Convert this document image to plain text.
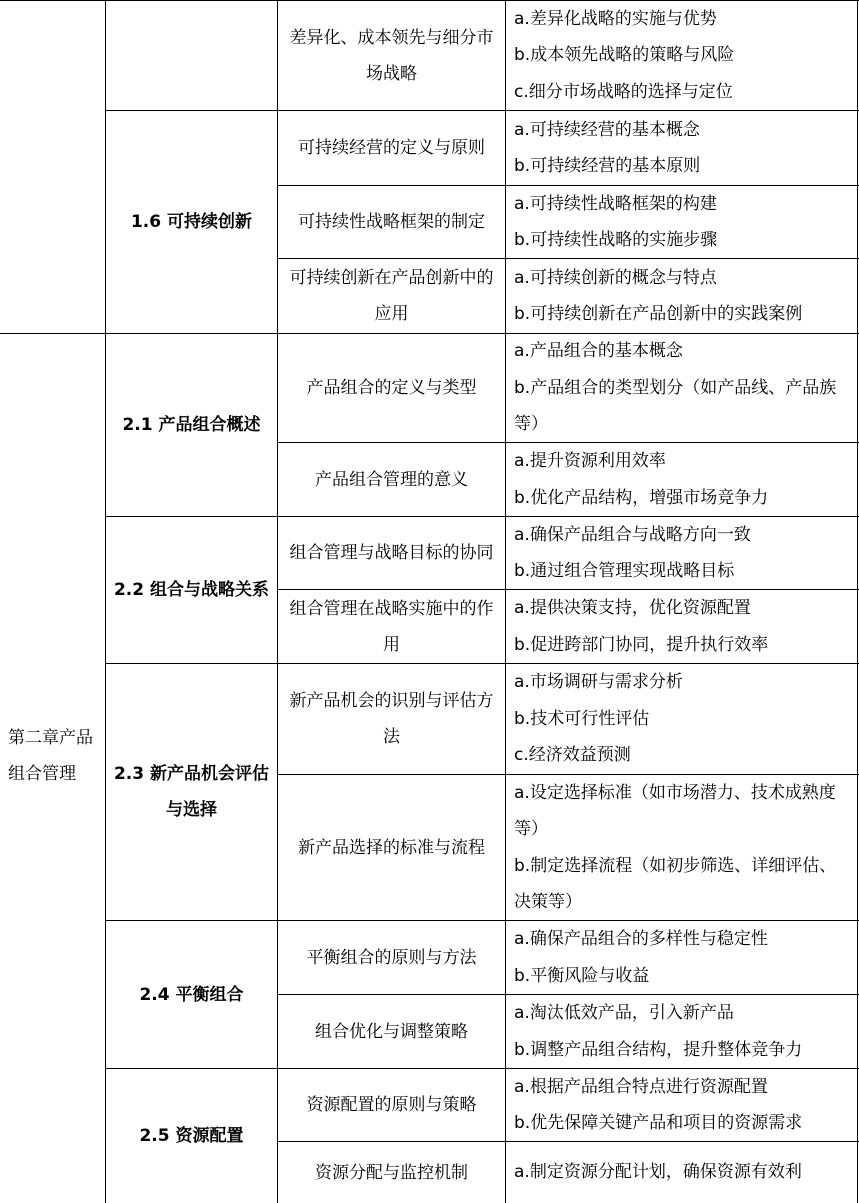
第二章产品组合管理
1.6 可持续创新
2.1 产品组合概述
2.2 组合与战略关系
2.3 新产品机会评估与选择
2.4 平衡组合
2.5 资源配置
差异化、成本领先与细分市场战略
a.差异化战略的实施与优势
b.成本领先战略的策略与风险
c.细分市场战略的选择与定位
可持续经营的定义与原则
a.可持续经营的基本概念
b.可持续经营的基本原则
可持续性战略框架的制定
a.可持续性战略框架的构建
b.可持续性战略的实施步骤
可持续创新在产品创新中的应用
a.可持续创新的概念与特点
b.可持续创新在产品创新中的实践案例
产品组合的定义与类型
a.产品组合的基本概念
b.产品组合的类型划分（如产品线、产品族等）
产品组合管理的意义
a.提升资源利用效率
b.优化产品结构，增强市场竞争力
组合管理与战略目标的协同
a.确保产品组合与战略方向一致
b.通过组合管理实现战略目标
组合管理在战略实施中的作用
a.提供决策支持，优化资源配置
b.促进跨部门协同，提升执行效率
新产品机会的识别与评估方法
a.市场调研与需求分析
b.技术可行性评估
c.经济效益预测
新产品选择的标准与流程
a.设定选择标准（如市场潜力、技术成熟度等）
b.制定选择流程（如初步筛选、详细评估、决策等）
平衡组合的原则与方法
a.确保产品组合的多样性与稳定性
b.平衡风险与收益
组合优化与调整策略
a.淘汰低效产品，引入新产品
b.调整产品组合结构，提升整体竞争力
资源配置的原则与策略
a.根据产品组合特点进行资源配置
b.优先保障关键产品和项目的资源需求
资源分配与监控机制	a.制定资源分配计划，确保资源有效利
